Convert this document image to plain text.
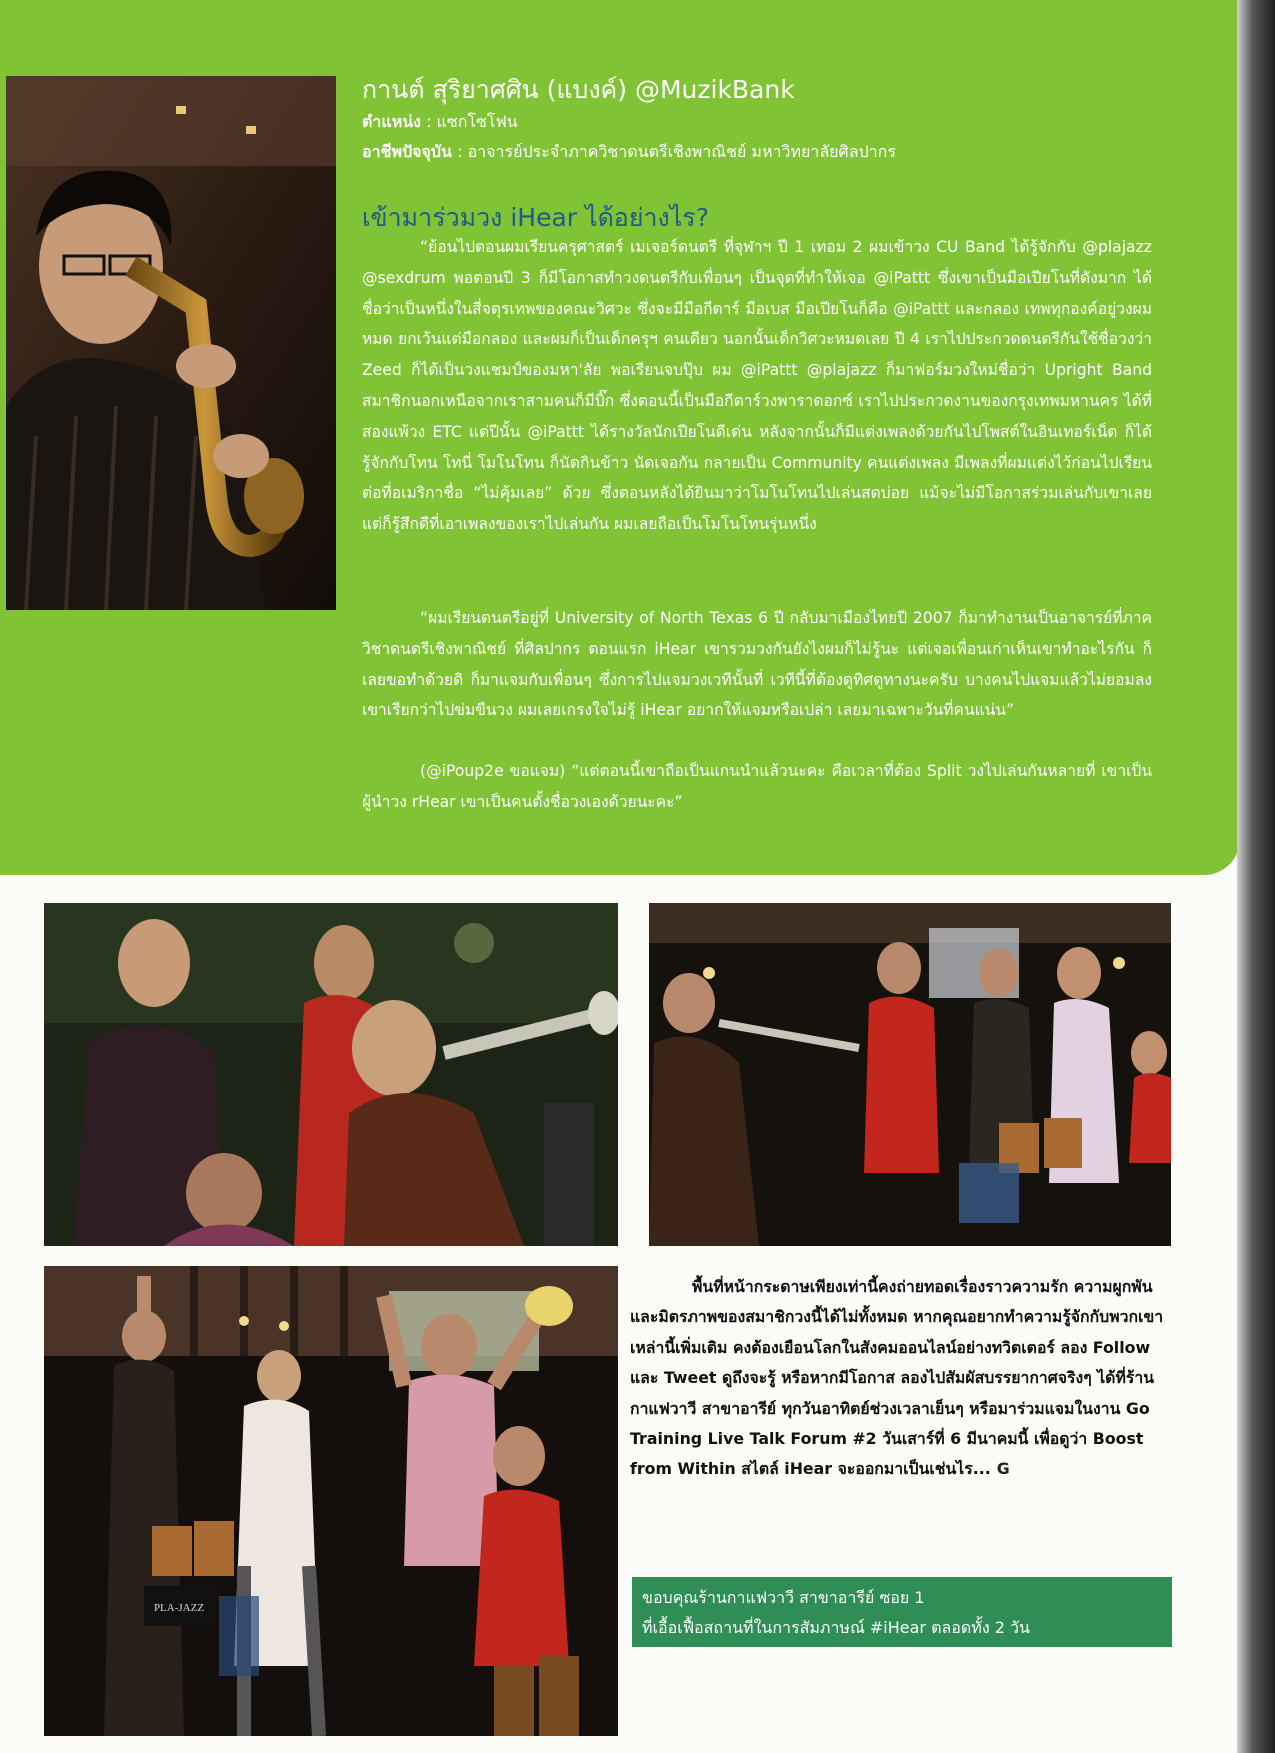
กานต์ สุริยาศศิน (แบงค์) @MuzikBank
ตำแหน่ง : แซกโซโฟน
อาชีพปัจจุบัน : อาจารย์ประจำภาควิชาดนตรีเชิงพาณิชย์ มหาวิทยาลัยศิลปากร
เข้ามาร่วมวง iHear ได้อย่างไร?

“ย้อนไปตอนผมเรียนครุศาสตร์ เมเจอร์ดนตรี ที่จุฬาฯ ปี 1 เทอม 2 ผมเข้าวง CU Band ได้รู้จักกับ @plajazz @sexdrum พอตอนปี 3 ก็มีโอกาสทำวงดนตรีกับเพื่อนๆ เป็นจุดที่ทำให้เจอ @iPattt ซึ่งเขาเป็นมือเปียโนที่ดังมาก ได้ชื่อว่าเป็นหนึ่งในสี่จตุรเทพของคณะวิศวะ ซึ่งจะมีมือกีตาร์ มือเบส มือเปียโนก็คือ @iPattt และกลอง เทพทุกองค์อยู่วงผมหมด ยกเว้นแต่มือกลอง และผมก็เป็นเด็กครุฯ คนเดียว นอกนั้นเด็กวิศวะหมดเลย ปี 4 เราไปประกวดดนตรีกันใช้ชื่อวงว่า Zeed ก็ได้เป็นวงแชมป์ของมหา'ลัย พอเรียนจบปุ๊บ ผม @iPattt @plajazz ก็มาฟอร์มวงใหม่ชื่อว่า Upright Band สมาชิกนอกเหนือจากเราสามคนก็มีบิ๊ก ซึ่งตอนนี้เป็นมือกีตาร์วงพาราดอกซ์ เราไปประกวดงานของกรุงเทพมหานคร ได้ที่สองแพ้วง ETC แต่ปีนั้น @iPattt ได้รางวัลนักเปียโนดีเด่น หลังจากนั้นก็มีแต่งเพลงด้วยกันไปโพสต์ในอินเทอร์เน็ต ก็ได้รู้จักกับโทน โทนี่ โมโนโทน ก็นัดกินข้าว นัดเจอกัน กลายเป็น Community คนแต่งเพลง มีเพลงที่ผมแต่งไว้ก่อนไปเรียนต่อที่อเมริกาชื่อ “ไม่คุ้มเลย” ด้วย ซึ่งตอนหลังได้ยินมาว่าโมโนโทนไปเล่นสดบ่อย แม้จะไม่มีโอกาสร่วมเล่นกับเขาเลย แต่ก็รู้สึกดีที่เอาเพลงของเราไปเล่นกัน ผมเลยถือเป็นโมโนโทนรุ่นหนึ่ง

“ผมเรียนดนตรีอยู่ที่ University of North Texas 6 ปี กลับมาเมืองไทยปี 2007 ก็มาทำงานเป็นอาจารย์ที่ภาควิชาดนตรีเชิงพาณิชย์ ที่ศิลปากร ตอนแรก iHear เขารวมวงกันยังไงผมก็ไม่รู้นะ แต่เจอเพื่อนเก่าเห็นเขาทำอะไรกัน ก็เลยขอทำด้วยดิ ก็มาแจมกับเพื่อนๆ ซึ่งการไปแจมวงเวทีนั้นที่ เวทีนี้ที่ต้องดูทิศดูทางนะครับ บางคนไปแจมแล้วไม่ยอมลงเขาเรียกว่าไปข่มขืนวง ผมเลยเกรงใจไม่รู้ iHear อยากให้แจมหรือเปล่า เลยมาเฉพาะวันที่คนแน่น”

(@iPoup2e ขอแจม) “แต่ตอนนี้เขาถือเป็นแกนนำแล้วนะคะ คือเวลาที่ต้อง Split วงไปเล่นกันหลายที่ เขาเป็นผู้นำวง rHear เขาเป็นคนตั้งชื่อวงเองด้วยนะคะ”

PLA-JAZZ

พื้นที่หน้ากระดาษเพียงเท่านี้คงถ่ายทอดเรื่องราวความรัก ความผูกพัน และมิตรภาพของสมาชิกวงนี้ได้ไม่ทั้งหมด หากคุณอยากทำความรู้จักกับพวกเขาเหล่านี้เพิ่มเติม คงต้องเยือนโลกในสังคมออนไลน์อย่างทวิตเตอร์ ลอง Follow และ Tweet ดูถึงจะรู้ หรือหากมีโอกาส ลองไปสัมผัสบรรยากาศจริงๆ ได้ที่ร้านกาแฟวาวี สาขาอารีย์ ทุกวันอาทิตย์ช่วงเวลาเย็นๆ หรือมาร่วมแจมในงาน Go Training Live Talk Forum #2 วันเสาร์ที่ 6 มีนาคมนี้ เพื่อดูว่า Boost from Within สไตล์ iHear จะออกมาเป็นเช่นไร... G

ขอบคุณร้านกาแฟวาวี สาขาอารีย์ ซอย 1

ที่เอื้อเฟื้อสถานที่ในการสัมภาษณ์ #iHear ตลอดทั้ง 2 วัน
